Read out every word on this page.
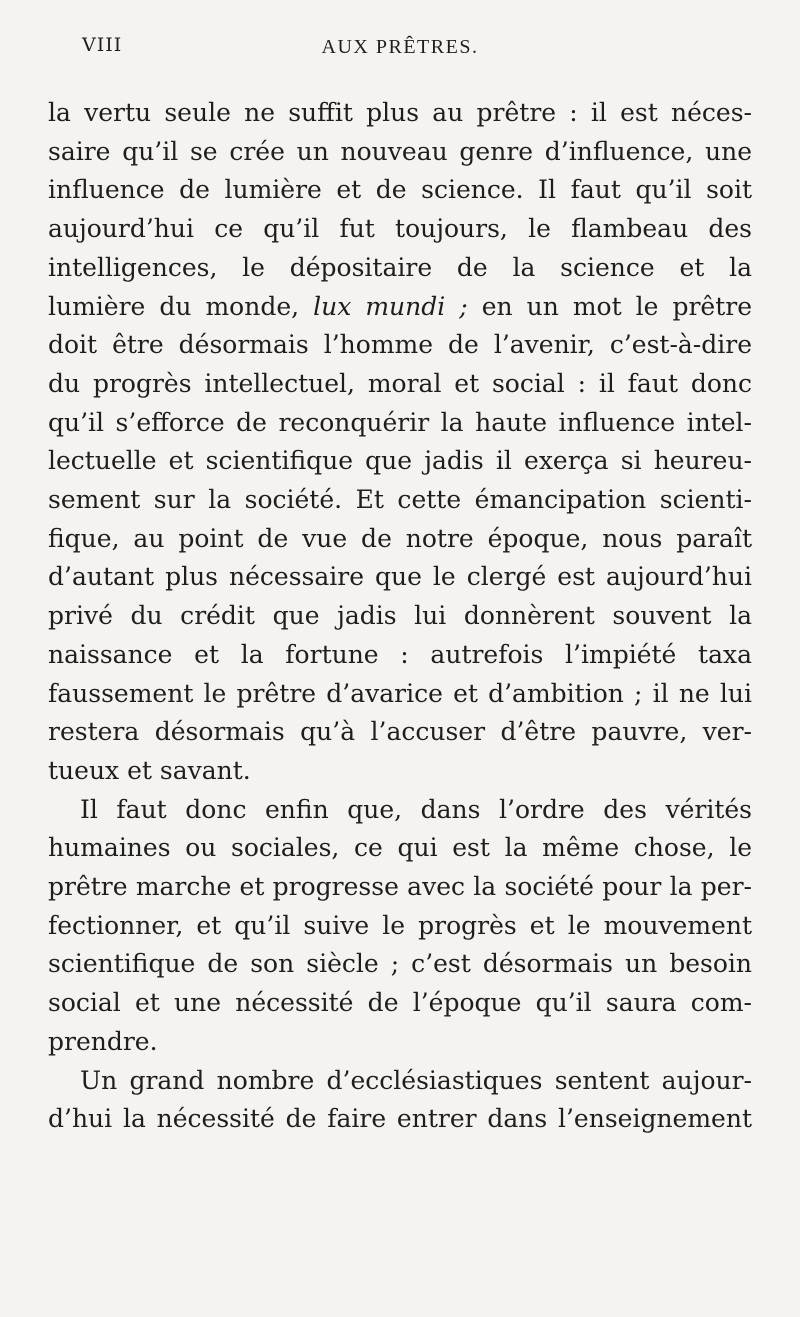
VIII	AUX PRÊTRES.
la vertu seule ne suffit plus au prêtre : il est néces-
saire qu’il se crée un nouveau genre d’influence, une
influence de lumière et de science. Il faut qu’il soit
aujourd’hui ce qu’il fut toujours, le flambeau des
intelligences, le dépositaire de la science et la
lumière du monde, lux mundi ; en un mot le prêtre
doit être désormais l’homme de l’avenir, c’est-à-dire
du progrès intellectuel, moral et social : il faut donc
qu’il s’efforce de reconquérir la haute influence intel-
lectuelle et scientifique que jadis il exerça si heureu-
sement sur la société. Et cette émancipation scienti-
fique, au point de vue de notre époque, nous paraît
d’autant plus nécessaire que le clergé est aujourd’hui
privé du crédit que jadis lui donnèrent souvent la
naissance et la fortune : autrefois l’impiété taxa
faussement le prêtre d’avarice et d’ambition ; il ne lui
restera désormais qu’à l’accuser d’être pauvre, ver-
tueux et savant.
Il faut donc enfin que, dans l’ordre des vérités
humaines ou sociales, ce qui est la même chose, le
prêtre marche et progresse avec la société pour la per-
fectionner, et qu’il suive le progrès et le mouvement
scientifique de son siècle ; c’est désormais un besoin
social et une nécessité de l’époque qu’il saura com-
prendre.
Un grand nombre d’ecclésiastiques sentent aujour-
d’hui la nécessité de faire entrer dans l’enseignement
